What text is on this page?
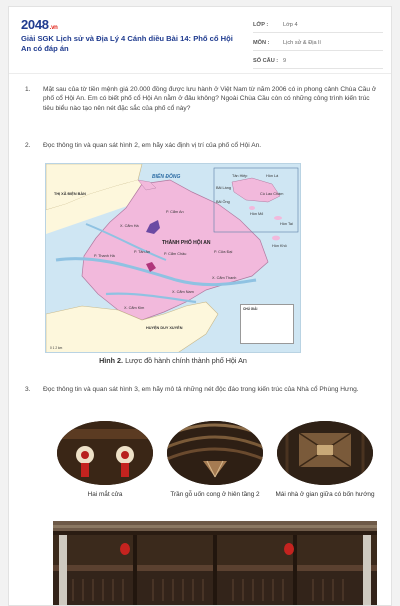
2048.vn
Giải SGK Lịch sử và Địa Lý 4 Cánh diều Bài 14: Phố cổ Hội An có đáp án
LỚP :	Lớp 4
MÔN :	Lịch sử & Địa lí
SỐ CÂU : 9
1.	Mặt sau của tờ tiền mệnh giá 20.000 đồng được lưu hành ở Việt Nam từ năm 2006 có in phong cảnh Chùa Cầu ở phố cổ Hội An. Em có biết phố cổ Hội An nằm ở đâu không? Ngoài Chùa Cầu còn có những công trình kiến trúc tiêu biểu nào tạo nên nét đặc sắc của phố cổ này?
2.	Đọc thông tin và quan sát hình 2, em hãy xác định vị trí của phố cổ Hội An.
BIỂN ĐÔNG
THÀNH PHỐ HỘI AN
THỊ XÃ ĐIỆN BÀN
HUYỆN DUY XUYÊN
P. Cẩm An
X. Cẩm Hà
P. Cẩm Châu	P. Cửa Đại
P. Thanh Hà
P. Tân An
X. Cẩm Thanh
X. Cẩm Nam
X. Cẩm Kim
Tân Hiệp	Hòn Lá
Bãi Làng
Bãi Ông
Cù Lao Chàm
Hòn Mỏ
Hòn Tai
Hòn Khô
CHÚ GIẢI
0 1 2 km
Hình 2. Lược đồ hành chính thành phố Hội An
3.	Đọc thông tin và quan sát hình 3, em hãy mô tả những nét độc đáo trong kiến trúc của Nhà cổ Phùng Hưng.
Hai mắt cửa	Trần gỗ uốn cong ở hiên tầng 2	Mái nhà ở gian giữa có bốn hướng
